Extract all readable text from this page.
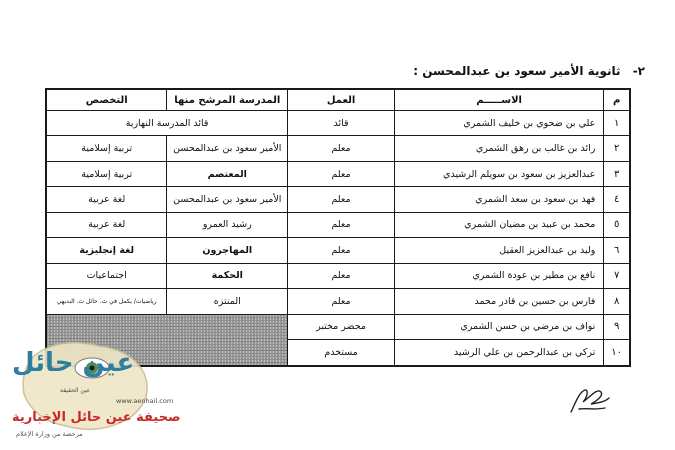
٢- ثانوية الأمير سعود بن عبدالمحسن :
م	الاســـــم	العمل	المدرسة المرشح منها	التخصص
١	علي بن ضحوي بن خليف الشمري	قائد	قائد المدرسة النهارية	
٢	رائد بن غالب بن رهق الشمري	معلم	الأمير سعود بن عبدالمحسن	تربية إسلامية
٣	عبدالعزيز بن سعود بن سويلم الرشيدي	معلم	المعتصم	تربية إسلامية
٤	فهد بن سعود بن سعد الشمري	معلم	الأمير سعود بن عبدالمحسن	لغة عربية
٥	محمد بن عبيد بن مضيان الشمري	معلم	رشيد العمرو	لغة عربية
٦	وليد بن عبدالعزيز العقيل	معلم	المهاجرون	لغة إنجليزية
٧	نافع بن مطير بن عودة الشمري	معلم	الحكمة	اجتماعيات
٨	فارس بن حسين بن قادر محمد	معلم	المنتزه	رياضيات/ يكمل في ث. حائل ث. البديهي
٩	نواف بن مرضي بن حسن الشمري	محضر مختبر		
١٠	تركي بن عبدالرحمن بن علي الرشيد	مستخدم		
عين حائل
عين الحقيقة
www.aenhail.com
صحيفة عين حائل الإخبارية
مرخصة من وزارة الإعلام
